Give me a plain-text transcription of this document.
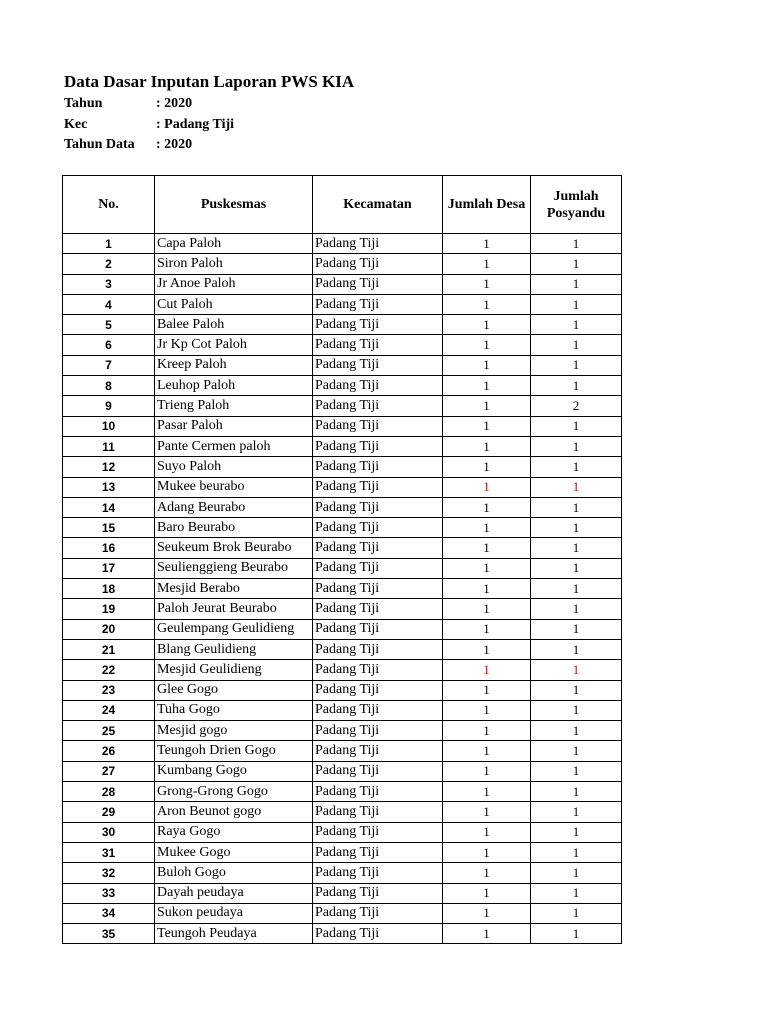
Data Dasar Inputan Laporan PWS KIA
Tahun	: 2020
Kec	: Padang Tiji
Tahun Data	: 2020
No.	Puskesmas	Kecamatan	Jumlah Desa	Jumlah Posyandu
1	Capa Paloh	Padang Tiji	1	1
2	Siron Paloh	Padang Tiji	1	1
3	Jr Anoe Paloh	Padang Tiji	1	1
4	Cut Paloh	Padang Tiji	1	1
5	Balee Paloh	Padang Tiji	1	1
6	Jr Kp Cot Paloh	Padang Tiji	1	1
7	Kreep Paloh	Padang Tiji	1	1
8	Leuhop Paloh	Padang Tiji	1	1
9	Trieng Paloh	Padang Tiji	1	2
10	Pasar Paloh	Padang Tiji	1	1
11	Pante Cermen paloh	Padang Tiji	1	1
12	Suyo Paloh	Padang Tiji	1	1
13	Mukee beurabo	Padang Tiji	1	1
14	Adang Beurabo	Padang Tiji	1	1
15	Baro Beurabo	Padang Tiji	1	1
16	Seukeum Brok Beurabo	Padang Tiji	1	1
17	Seulienggieng Beurabo	Padang Tiji	1	1
18	Mesjid Berabo	Padang Tiji	1	1
19	Paloh Jeurat Beurabo	Padang Tiji	1	1
20	Geulempang Geulidieng	Padang Tiji	1	1
21	Blang Geulidieng	Padang Tiji	1	1
22	Mesjid Geulidieng	Padang Tiji	1	1
23	Glee Gogo	Padang Tiji	1	1
24	Tuha Gogo	Padang Tiji	1	1
25	Mesjid gogo	Padang Tiji	1	1
26	Teungoh Drien Gogo	Padang Tiji	1	1
27	Kumbang Gogo	Padang Tiji	1	1
28	Grong-Grong Gogo	Padang Tiji	1	1
29	Aron Beunot gogo	Padang Tiji	1	1
30	Raya Gogo	Padang Tiji	1	1
31	Mukee Gogo	Padang Tiji	1	1
32	Buloh Gogo	Padang Tiji	1	1
33	Dayah peudaya	Padang Tiji	1	1
34	Sukon peudaya	Padang Tiji	1	1
35	Teungoh Peudaya	Padang Tiji	1	1
